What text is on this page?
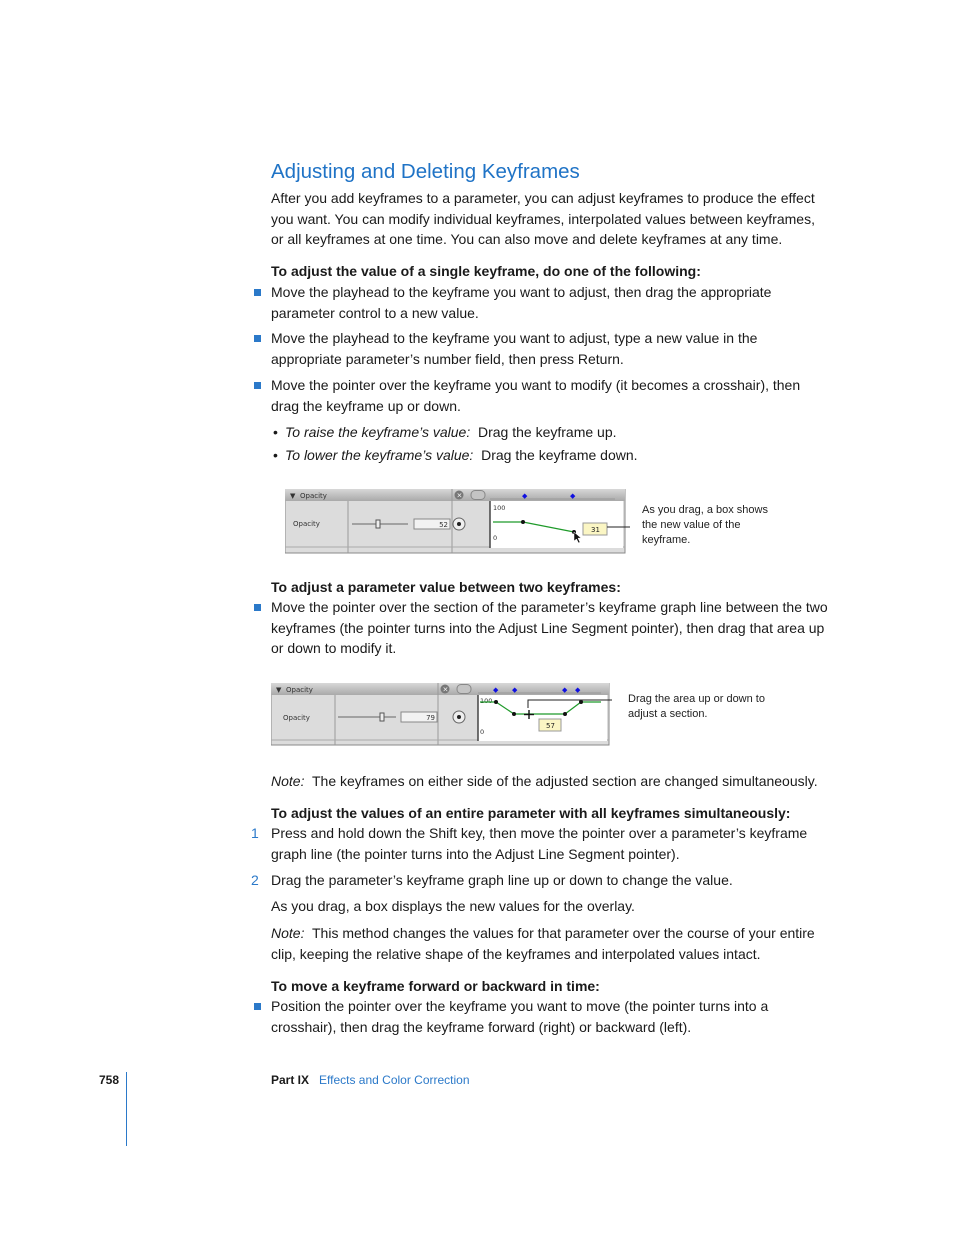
Adjusting and Deleting Keyframes
After you add keyframes to a parameter, you can adjust keyframes to produce the effect you want. You can modify individual keyframes, interpolated values between keyframes, or all keyframes at one time. You can also move and delete keyframes at any time.
To adjust the value of a single keyframe, do one of the following:
Move the playhead to the keyframe you want to adjust, then drag the appropriate parameter control to a new value.
Move the playhead to the keyframe you want to adjust, type a new value in the appropriate parameter’s number field, then press Return.
Move the pointer over the keyframe you want to modify (it becomes a crosshair), then drag the keyframe up or down.
• To raise the keyframe’s value: Drag the keyframe up.
• To lower the keyframe’s value: Drag the keyframe down.
▼ Opacity	×
Opacity	52
◆	◆
100
0
31
As you drag, a box shows the new value of the keyframe.
To adjust a parameter value between two keyframes:
Move the pointer over the section of the parameter’s keyframe graph line between the two keyframes (the pointer turns into the Adjust Line Segment pointer), then drag that area up or down to modify it.
▼ Opacity	×
Opacity	79
◆ ◆	◆ ◆
100
0
57
Drag the area up or down to adjust a section.
Note: The keyframes on either side of the adjusted section are changed simultaneously.
To adjust the values of an entire parameter with all keyframes simultaneously:
1 Press and hold down the Shift key, then move the pointer over a parameter’s keyframe graph line (the pointer turns into the Adjust Line Segment pointer).
2 Drag the parameter’s keyframe graph line up or down to change the value.
As you drag, a box displays the new values for the overlay.
Note: This method changes the values for that parameter over the course of your entire clip, keeping the relative shape of the keyframes and interpolated values intact.
To move a keyframe forward or backward in time:
Position the pointer over the keyframe you want to move (the pointer turns into a crosshair), then drag the keyframe forward (right) or backward (left).
758	Part IX Effects and Color Correction
